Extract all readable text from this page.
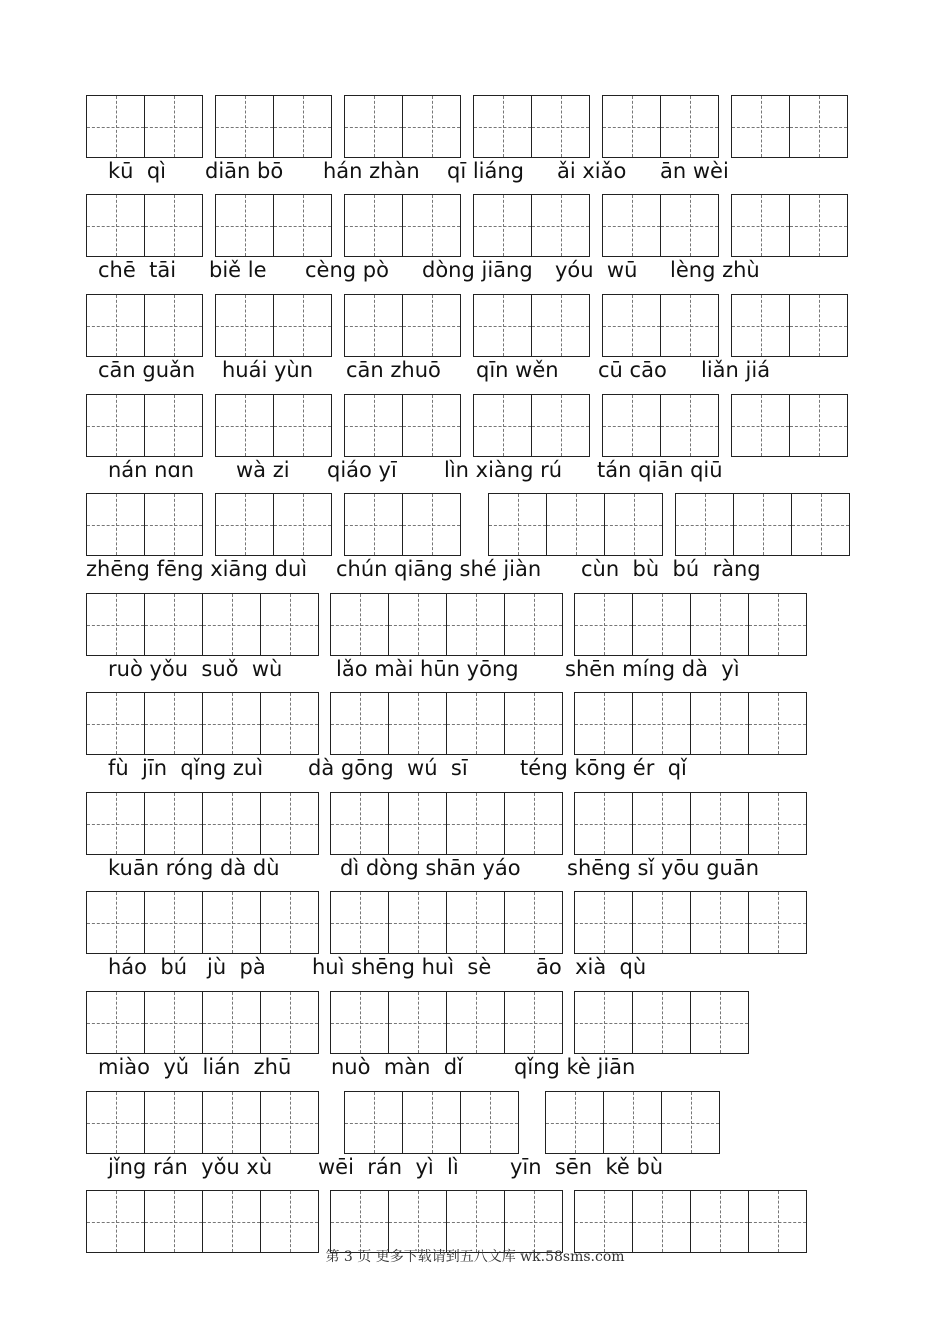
kū  qì diān bō hán zhàn qī liáng ǎi xiǎo ān wèi
chē  tāi biě le cèng pò dòng jiāng yóu  wū lèng zhù
cān guǎn huái yùn cān zhuō qīn wěn cū cāo liǎn jiá
nán nɑn wà zi qiáo yī lìn xiàng rú tán qiān qiū
zhēng fēng xiāng duì chún qiāng shé jiàn cùn  bù  bú  ràng
ruò yǒu  suǒ  wù	lǎo mài hūn yōng shēn míng dà  yì
fù  jīn  qǐng zuì dà gōng  wú  sī téng kōng ér  qǐ
kuān róng dà dù	dì dòng shān yáo shēng sǐ yōu guān
háo  bú   jù  pà huì shēng huì  sè āo  xià  qù
miào  yǔ  lián  zhū nuò  màn  dǐ qǐng kè jiān
jǐng rán  yǒu xù wēi  rán  yì  lì yīn  sēn  kě bù
第 3 页 更多下载请到五八文库 wk.58sms.com
